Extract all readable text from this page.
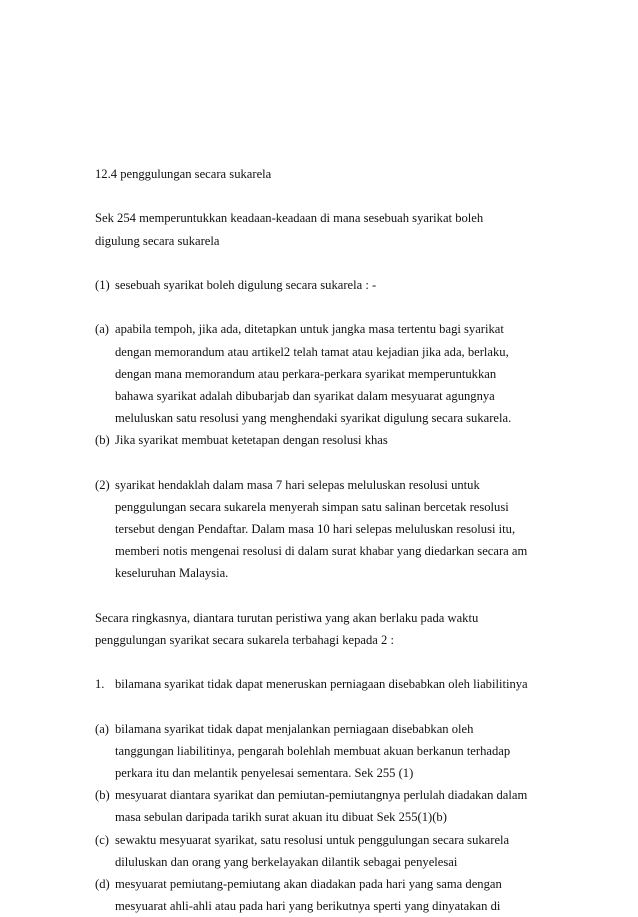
12.4 penggulungan secara sukarela
Sek 254 memperuntukkan keadaan-keadaan di mana sesebuah syarikat boleh
digulung secara sukarela
(1) sesebuah syarikat boleh digulung secara sukarela : -
(a) apabila tempoh, jika ada, ditetapkan untuk jangka masa tertentu bagi syarikat
dengan memorandum atau artikel2 telah tamat atau kejadian jika ada, berlaku,
dengan mana memorandum atau perkara-perkara syarikat memperuntukkan
bahawa syarikat adalah dibubarjab dan syarikat dalam mesyuarat agungnya
meluluskan satu resolusi yang menghendaki syarikat digulung secara sukarela.
(b) Jika syarikat membuat ketetapan dengan resolusi khas
(2) syarikat hendaklah dalam masa 7 hari selepas meluluskan resolusi untuk
penggulungan secara sukarela menyerah simpan satu salinan bercetak resolusi
tersebut dengan Pendaftar. Dalam masa 10 hari selepas meluluskan resolusi itu,
memberi notis mengenai resolusi di dalam surat khabar yang diedarkan secara am
keseluruhan Malaysia.
Secara ringkasnya, diantara turutan peristiwa yang akan berlaku pada waktu
penggulungan syarikat secara sukarela terbahagi kepada 2 :
1. bilamana syarikat tidak dapat meneruskan perniagaan disebabkan oleh liabilitinya
(a) bilamana syarikat tidak dapat menjalankan perniagaan disebabkan oleh
tanggungan liabilitinya, pengarah bolehlah membuat akuan berkanun terhadap
perkara itu dan melantik penyelesai sementara. Sek 255 (1)
(b) mesyuarat diantara syarikat dan pemiutan-pemiutangnya perlulah diadakan dalam
masa sebulan daripada tarikh surat akuan itu dibuat Sek 255(1)(b)
(c) sewaktu mesyuarat syarikat, satu resolusi untuk penggulungan secara sukarela
diluluskan dan orang yang berkelayakan dilantik sebagai penyelesai
(d) mesyuarat pemiutang-pemiutang akan diadakan pada hari yang sama dengan
mesyuarat ahli-ahli atau pada hari yang berikutnya sperti yang dinyatakan di
